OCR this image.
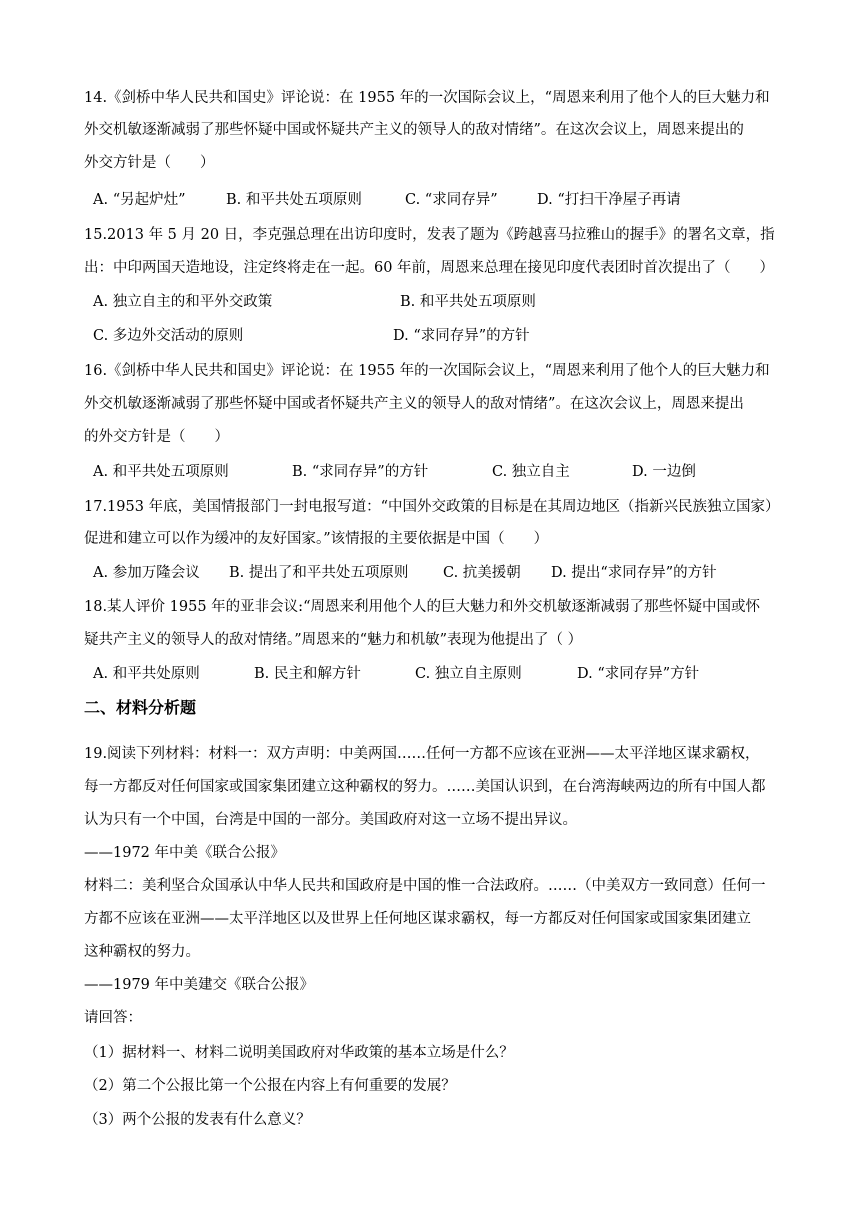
14.《剑桥中华人民共和国史》评论说：在 1955 年的一次国际会议上，“周恩来利用了他个人的巨大魅力和
外交机敏逐渐减弱了那些怀疑中国或怀疑共产主义的领导人的敌对情绪”。在这次会议上，周恩来提出的
外交方针是（　　）
A. “另起炉灶”	B. 和平共处五项原则	C. “求同存异”	D. “打扫干净屋子再请
15.2013 年 5 月 20 日，李克强总理在出访印度时，发表了题为《跨越喜马拉雅山的握手》的署名文章，指
出：中印两国天造地设，注定终将走在一起。60 年前，周恩来总理在接见印度代表团时首次提出了（　　）
A. 独立自主的和平外交政策	B. 和平共处五项原则
C. 多边外交活动的原则	D. “求同存异”的方针
16.《剑桥中华人民共和国史》评论说：在 1955 年的一次国际会议上，“周恩来利用了他个人的巨大魅力和
外交机敏逐渐减弱了那些怀疑中国或者怀疑共产主义的领导人的敌对情绪”。在这次会议上，周恩来提出
的外交方针是（　　）
A. 和平共处五项原则	B. “求同存异”的方针	C. 独立自主	D. 一边倒
17.1953 年底，美国情报部门一封电报写道：“中国外交政策的目标是在其周边地区（指新兴民族独立国家）
促进和建立可以作为缓冲的友好国家。”该情报的主要依据是中国（　　）
A. 参加万隆会议 B. 提出了和平共处五项原则 C. 抗美援朝 D. 提出“求同存异”的方针
18.某人评价 1955 年的亚非会议:“周恩来利用他个人的巨大魅力和外交机敏逐渐减弱了那些怀疑中国或怀
疑共产主义的领导人的敌对情绪。”周恩来的“魅力和机敏”表现为他提出了（ ）
A. 和平共处原则	B. 民主和解方针	C. 独立自主原则	D. “求同存异”方针
二、材料分析题
19.阅读下列材料：材料一：双方声明：中美两国……任何一方都不应该在亚洲——太平洋地区谋求霸权，
每一方都反对任何国家或国家集团建立这种霸权的努力。……美国认识到，在台湾海峡两边的所有中国人都
认为只有一个中国，台湾是中国的一部分。美国政府对这一立场不提出异议。
——1972 年中美《联合公报》
材料二：美利坚合众国承认中华人民共和国政府是中国的惟一合法政府。……（中美双方一致同意）任何一
方都不应该在亚洲——太平洋地区以及世界上任何地区谋求霸权，每一方都反对任何国家或国家集团建立
这种霸权的努力。
——1979 年中美建交《联合公报》
请回答：
（1）据材料一、材料二说明美国政府对华政策的基本立场是什么？
（2）第二个公报比第一个公报在内容上有何重要的发展？
（3）两个公报的发表有什么意义？
